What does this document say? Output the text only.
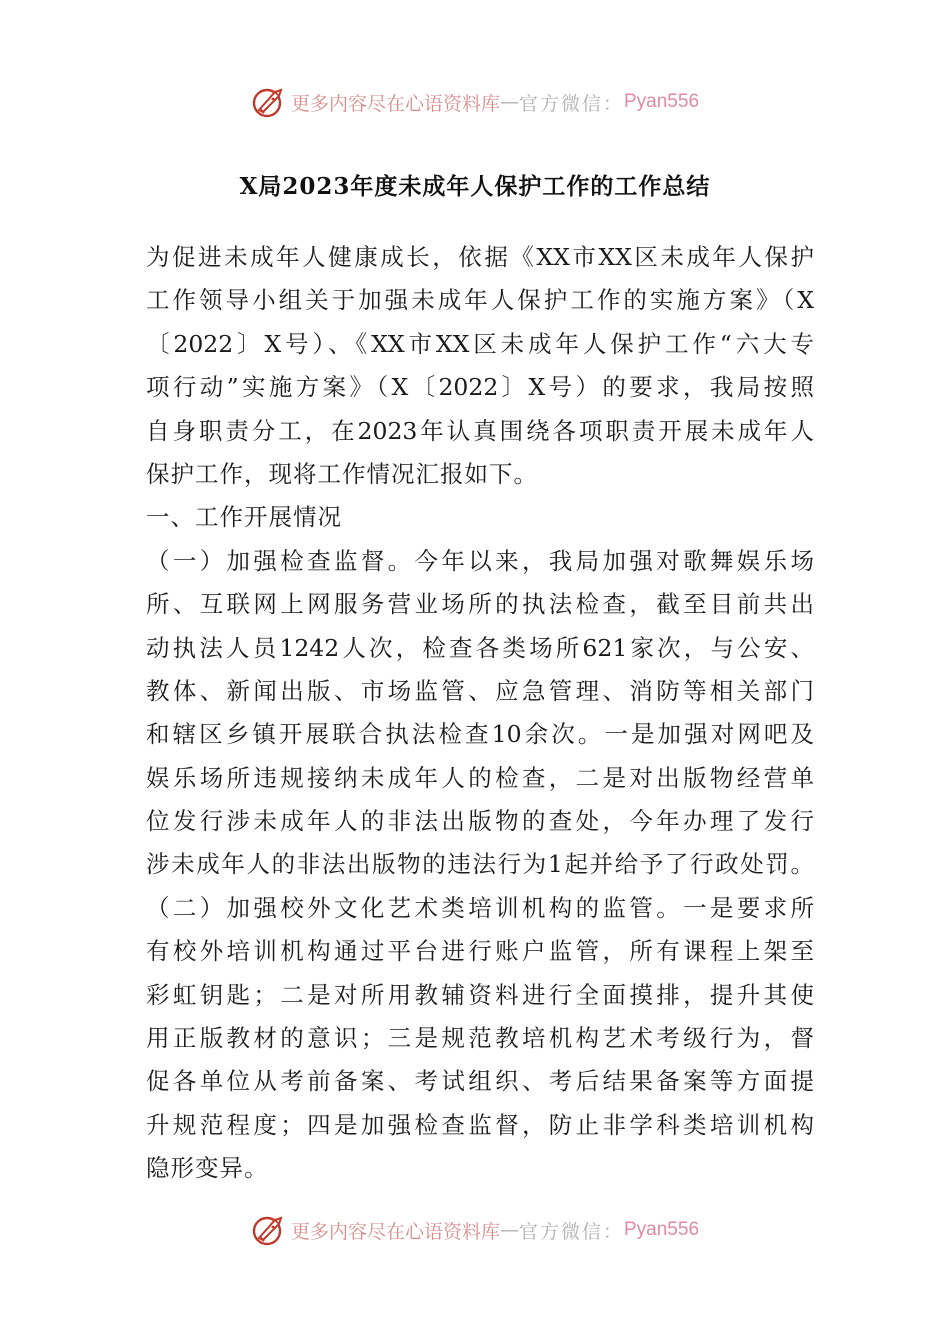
更多内容尽在心语资料库 — 官方微信： Pyan556
X局2023年度未成年人保护工作的工作总结
为促进未成年人健康成长，依据《XX市XX区未成年人保护
工作领导小组关于加强未成年人保护工作的实施方案》（X
〔2022〕X号）、《XX市XX区未成年人保护工作“六大专
项行动”实施方案》（X〔2022〕X号）的要求，我局按照
自身职责分工，在2023年认真围绕各项职责开展未成年人
保护工作，现将工作情况汇报如下。
一、工作开展情况
（一）加强检查监督。今年以来，我局加强对歌舞娱乐场
所、互联网上网服务营业场所的执法检查，截至目前共出
动执法人员1242人次，检查各类场所621家次，与公安、
教体、新闻出版、市场监管、应急管理、消防等相关部门
和辖区乡镇开展联合执法检查10余次。一是加强对网吧及
娱乐场所违规接纳未成年人的检查，二是对出版物经营单
位发行涉未成年人的非法出版物的查处，今年办理了发行
涉未成年人的非法出版物的违法行为1起并给予了行政处罚。
（二）加强校外文化艺术类培训机构的监管。一是要求所
有校外培训机构通过平台进行账户监管，所有课程上架至
彩虹钥匙；二是对所用教辅资料进行全面摸排，提升其使
用正版教材的意识；三是规范教培机构艺术考级行为，督
促各单位从考前备案、考试组织、考后结果备案等方面提
升规范程度；四是加强检查监督，防止非学科类培训机构
隐形变异。
更多内容尽在心语资料库 — 官方微信： Pyan556
